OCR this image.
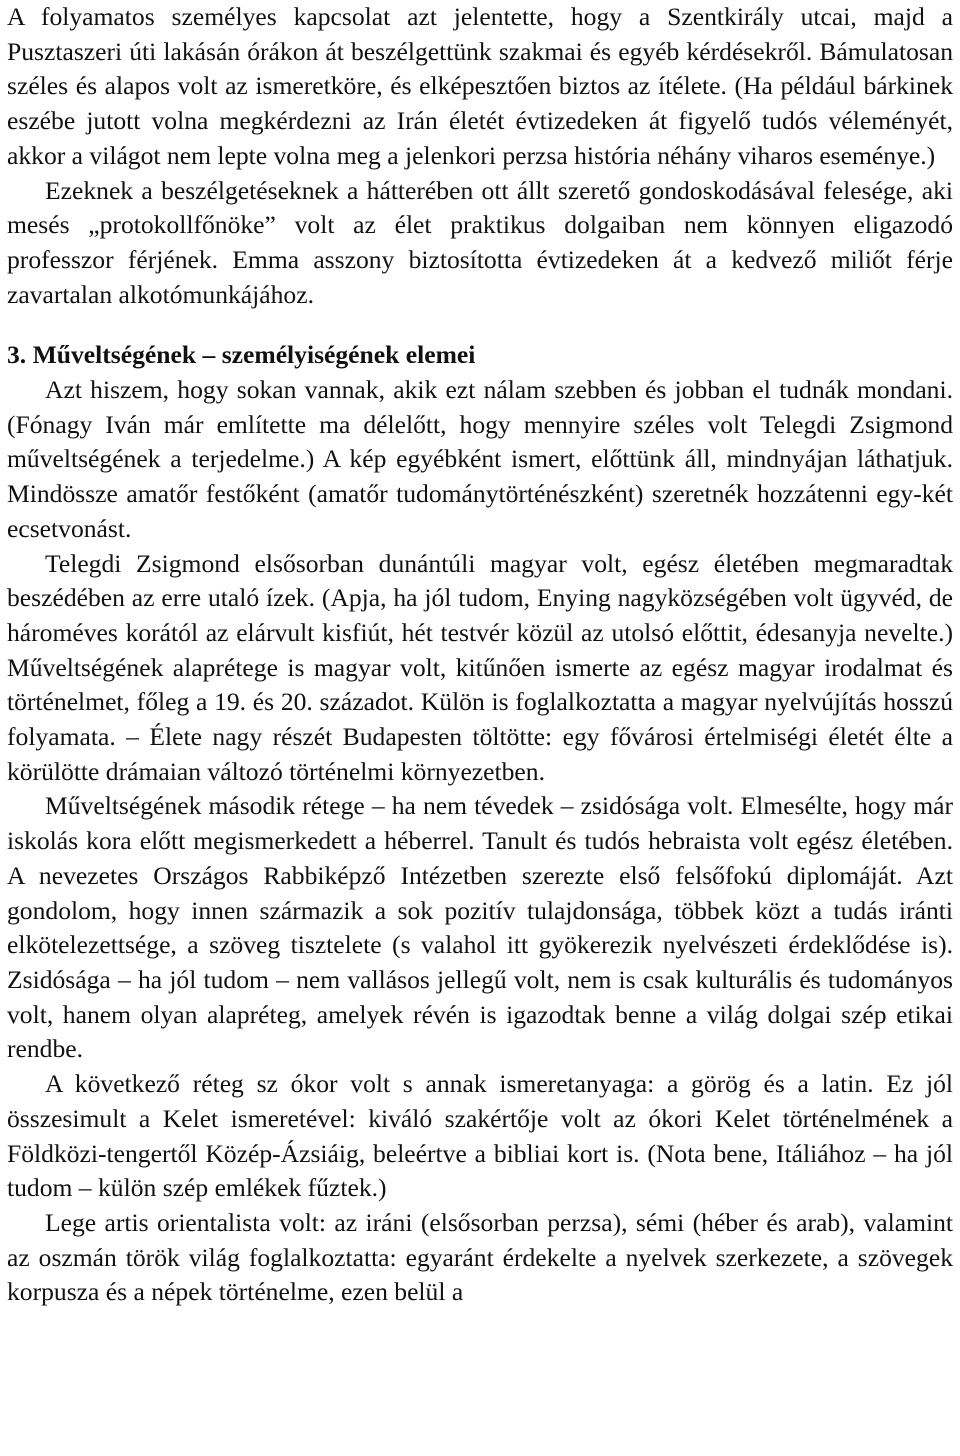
A folyamatos személyes kapcsolat azt jelentette, hogy a Szentkirály utcai, majd a Pusztaszeri úti lakásán órákon át beszélgettünk szakmai és egyéb kérdésekről. Bámulatosan széles és alapos volt az ismeretköre, és elképesztően biztos az ítélete. (Ha például bárkinek eszébe jutott volna megkérdezni az Irán életét évtizedeken át figyelő tudós véleményét, akkor a világot nem lepte volna meg a jelenkori perzsa história néhány viharos eseménye.)

Ezeknek a beszélgetéseknek a hátterében ott állt szerető gondoskodásával felesége, aki mesés „protokollfőnöke” volt az élet praktikus dolgaiban nem könnyen eligazodó professzor férjének. Emma asszony biztosította évtizedeken át a kedvező miliőt férje zavartalan alkotómunkájához.

3. Műveltségének – személyiségének elemei

Azt hiszem, hogy sokan vannak, akik ezt nálam szebben és jobban el tudnák mondani. (Fónagy Iván már említette ma délelőtt, hogy mennyire széles volt Telegdi Zsigmond műveltségének a terjedelme.) A kép egyébként ismert, előttünk áll, mindnyájan láthatjuk. Mindössze amatőr festőként (amatőr tudománytörténészként) szeretnék hozzátenni egy-két ecsetvonást.

Telegdi Zsigmond elsősorban dunántúli magyar volt, egész életében megmaradtak beszédében az erre utaló ízek. (Apja, ha jól tudom, Enying nagyközségében volt ügyvéd, de hároméves korától az elárvult kisfiút, hét testvér közül az utolsó előttit, édesanyja nevelte.) Műveltségének alaprétege is magyar volt, kitűnően ismerte az egész magyar irodalmat és történelmet, főleg a 19. és 20. századot. Külön is foglalkoztatta a magyar nyelvújítás hosszú folyamata. – Élete nagy részét Budapesten töltötte: egy fővárosi értelmiségi életét élte a körülötte drámaian változó történelmi környezetben.

Műveltségének második rétege – ha nem tévedek – zsidósága volt. Elmesélte, hogy már iskolás kora előtt megismerkedett a héberrel. Tanult és tudós hebraista volt egész életében. A nevezetes Országos Rabbiképző Intézetben szerezte első felsőfokú diplomáját. Azt gondolom, hogy innen származik a sok pozitív tulajdonsága, többek közt a tudás iránti elkötelezettsége, a szöveg tisztelete (s valahol itt gyökerezik nyelvészeti érdeklődése is). Zsidósága – ha jól tudom – nem vallásos jellegű volt, nem is csak kulturális és tudományos volt, hanem olyan alapréteg, amelyek révén is igazodtak benne a világ dolgai szép etikai rendbe.

A következő réteg sz ókor volt s annak ismeretanyaga: a görög és a latin. Ez jól összesimult a Kelet ismeretével: kiváló szakértője volt az ókori Kelet történelmének a Földközi-tengertől Közép-Ázsiáig, beleértve a bibliai kort is. (Nota bene, Itáliához – ha jól tudom – külön szép emlékek fűztek.)

Lege artis orientalista volt: az iráni (elsősorban perzsa), sémi (héber és arab), valamint az oszmán török világ foglalkoztatta: egyaránt érdekelte a nyelvek szerkezete, a szövegek korpusza és a népek történelme, ezen belül a
